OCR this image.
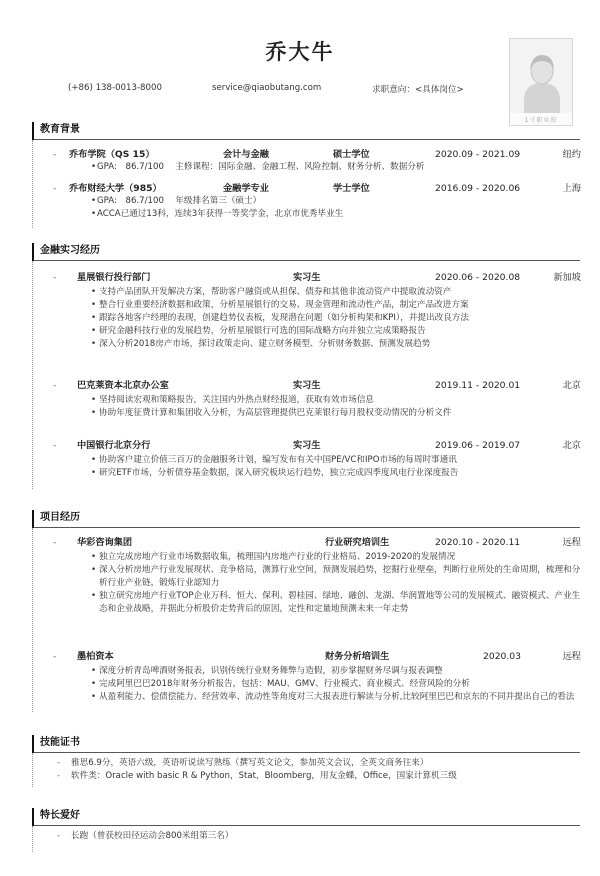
乔大牛
(+86) 138-0013-8000	service@qiaobutang.com	求职意向：<具体岗位>
1寸职业照
教育背景
- 乔布学院（QS 15）	会计与金融	硕士学位	2020.09 - 2021.09	纽约
• GPA:　86.7/100　 主修课程：国际金融、金融工程、风险控制、财务分析、数据分析
- 乔布财经大学（985）	金融学专业	学士学位	2016.09 - 2020.06	上海
• GPA:　86.7/100　 年级排名第三（硕士）
• ACCA已通过13科，连续3年获得一等奖学金，北京市优秀毕业生
金融实习经历
- 星展银行投行部门	实习生	2020.06 - 2020.08	新加坡
• 支持产品团队开发解决方案，帮助客户融资或从担保、债券和其他非流动资产中提取流动资产
• 整合行业重要经济数据和政策，分析星展银行的交易、现金管理和流动性产品，制定产品改进方案
• 跟踪各地客户经理的表现，创建趋势仪表板，发现潜在问题（如分析构架和KPI），并提出改良方法
• 研究金融科技行业的发展趋势，分析星展银行可选的国际战略方向并独立完成策略报告
• 深入分析2018房产市场，探讨政策走向、建立财务模型、分析财务数据、预测发展趋势
- 巴克莱资本北京办公室	实习生	2019.11 - 2020.01	北京
• 坚持阅读宏观和策略报告，关注国内外热点财经报道，获取有效市场信息
• 协助年度征费计算和集团收入分析，为高层管理提供巴克莱银行每月股权变动情况的分析文件
- 中国银行北京分行	实习生	2019.06 - 2019.07	北京
• 协助客户建立价值三百万的金融服务计划，编写发布有关中国PE/VC和IPO市场的每周时事通讯
• 研究ETF市场，分析债券基金数据，深入研究板块运行趋势，独立完成四季度风电行业深度报告
项目经历
- 华彩咨询集团	行业研究培训生	2020.10 - 2020.11	远程
• 独立完成房地产行业市场数据收集，梳理国内房地产行业的行业格局、2019-2020的发展情况
• 深入分析房地产行业发展现状、竞争格局，测算行业空间，预测发展趋势，挖掘行业壁垒，判断行业所处的生命周期，梳理和分析行业产业链，锻炼行业認知力
• 独立研究房地产行业TOP企业万科、恒大、保利、碧桂园、绿地、融创、龙湖、华润置地等公司的发展模式、融资模式、产业生态和企业战略，并据此分析股价走势背后的原因，定性和定量地预测未来一年走势
- 墨柏资本	财务分析培训生	2020.03	远程
• 深度分析青岛啤酒财务报表，识别传统行业财务舞弊与造假，初步掌握财务尽调与报表调整
• 完成阿里巴巴2018年财务分析报告，包括：MAU、GMV、行业模式、商业模式、经营风险的分析
• 从盈利能力、偿债偿能力、经营效率、流动性等角度对三大报表进行解读与分析,比较阿里巴巴和京东的不同并提出自己的看法
技能证书
- 雅思6.9分，英语六级，英语听说读写熟练（撰写英文论文，参加英文会议，全英文商务往来）
- 软件类：Oracle with basic R & Python，Stat，Bloomberg，用友金蝶，Office，国家计算机三级
特长爱好
- 长跑（曾获校田径运动会800米组第三名）
